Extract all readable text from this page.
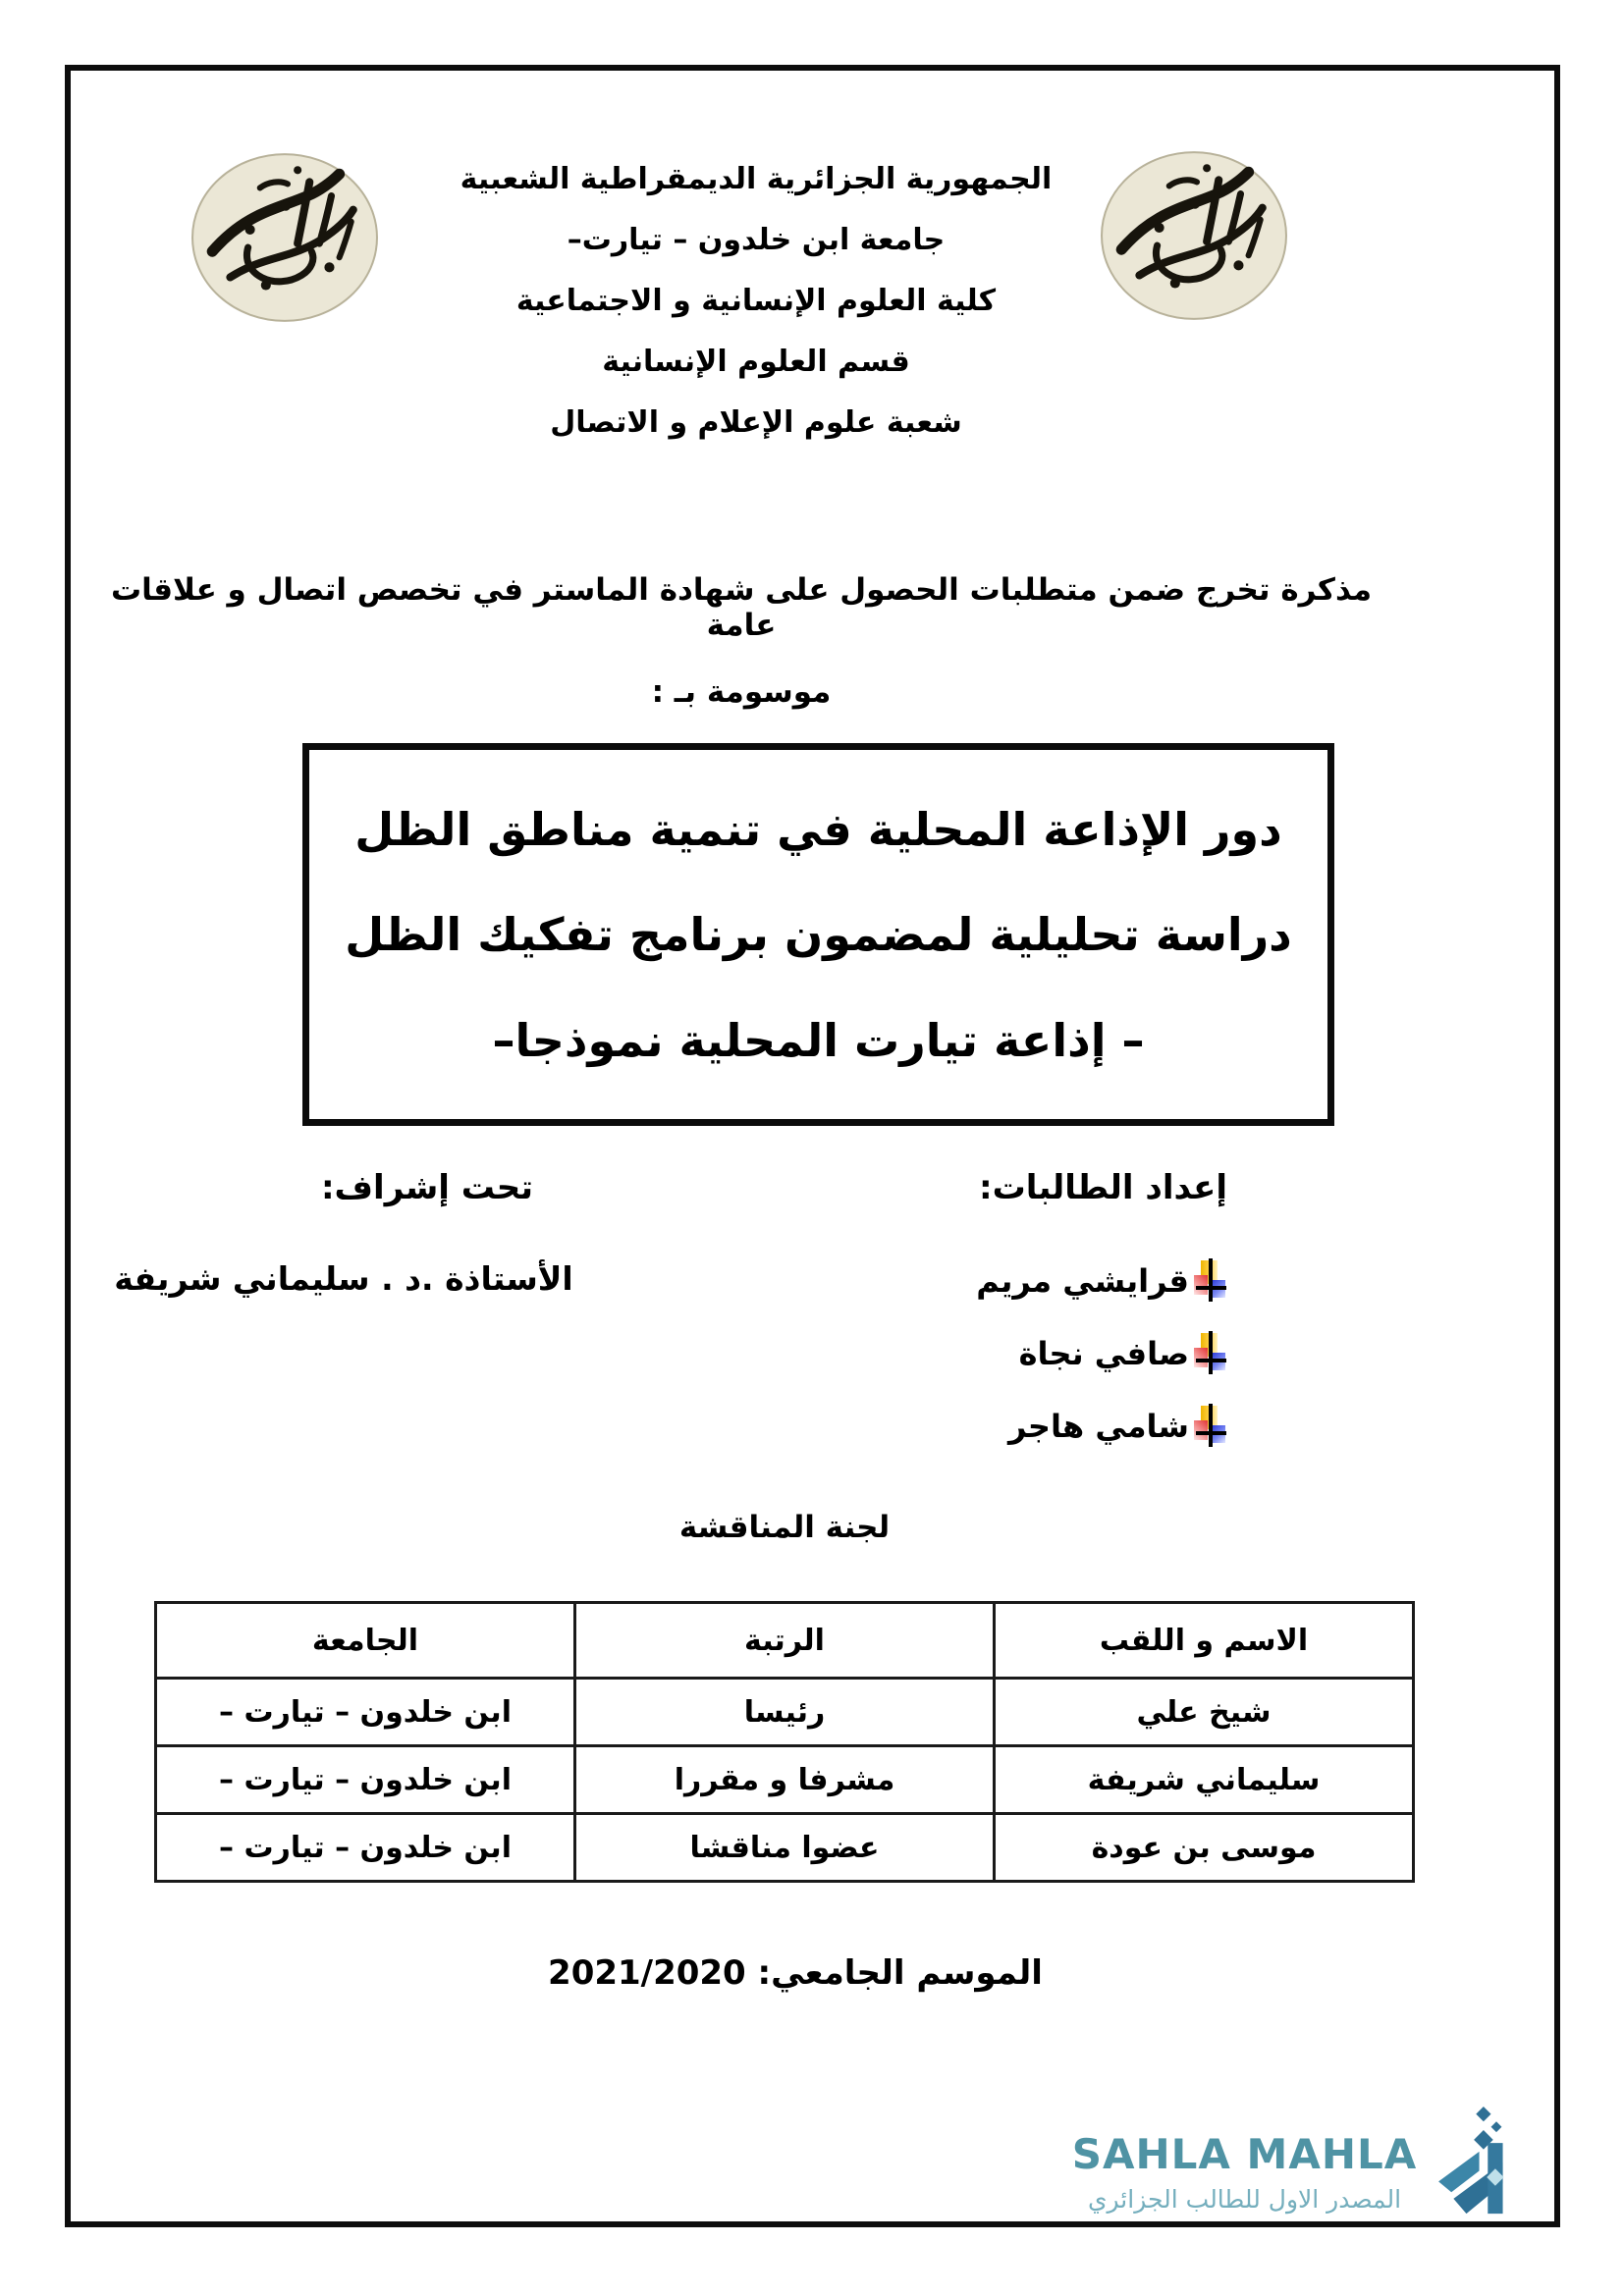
الجمهورية الجزائرية الديمقراطية الشعبية
جامعة ابن خلدون – تيارت–
كلية العلوم الإنسانية و الاجتماعية
قسم العلوم الإنسانية
شعبة علوم الإعلام و الاتصال
مذكرة تخرج ضمن متطلبات الحصول على شهادة الماستر في تخصص اتصال و علاقات عامة
موسومة بـ :
دور الإذاعة المحلية في تنمية مناطق الظل
دراسة تحليلية لمضمون برنامج تفكيك الظل
– إذاعة تيارت المحلية نموذجا–
إعداد الطالبات:
تحت إشراف:
قرايشي مريم
صافي نجاة
شامي هاجر
الأستاذة .د . سليماني شريفة
لجنة المناقشة
الاسم و اللقب	الرتبة	الجامعة
شيخ علي	رئيسا	ابن خلدون – تيارت –
سليماني شريفة	مشرفا و مقررا	ابن خلدون – تيارت –
موسى بن عودة	عضوا مناقشا	ابن خلدون – تيارت –
الموسم الجامعي: 2021/2020
SAHLA MAHLA
المصدر الاول للطالب الجزائري
